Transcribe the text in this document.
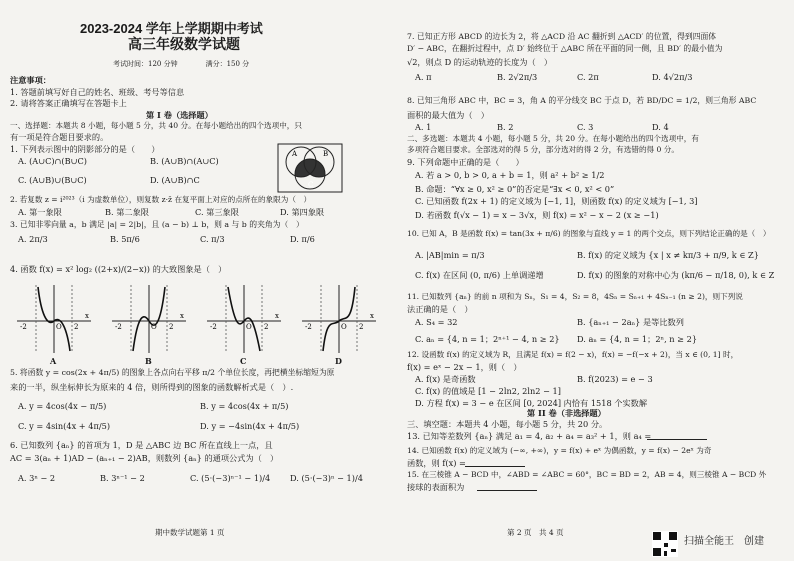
2023-2024 学年上学期期中考试
高三年级数学试题
考试时间：120 分钟　　　　满分：150 分
注意事项：
1. 答题前填写好自己的姓名、班级、考号等信息
2. 请将答案正确填写在答题卡上
第 I 卷（选择题）
一、选择题：本题共 8 小题，每小题 5 分，共 40 分。在每小题给出的四个选项中，只
有一项是符合题目要求的。
1. 下列表示图中的阴影部分的是（　　）
A. (A∪C)∩(B∪C)	B. (A∪B)∩(A∪C)
C. (A∪B)∪(B∪C)	D. (A∪B)∩C
A	B
C
2. 若复数 z = i²⁰²³（i 为虚数单位），则复数 z·z̄ 在复平面上对应的点所在的象限为（　）
A. 第一象限	B. 第二象限	C. 第三象限	D. 第四象限
3. 已知非零向量 a，b 满足 |a| = 2|b|，且 (a − b) ⊥ b，则 a 与 b 的夹角为（　）
A. 2π/3	B. 5π/6	C. π/3	D. π/6
4. 函数 f(x) = x² log₂ ((2+x)/(2−x)) 的大致图象是（　）
-2	O 2
x
A
-2	O 2
x
B
-2	O 2
x
C
-2	O 2
x
D
5. 将函数 y = cos(2x + 4π/5) 的图象上各点向右平移 π/2 个单位长度，再把横坐标缩短为原
来的一半，纵坐标伸长为原来的 4 倍，则所得到的图象的函数解析式是（　）.
A. y = 4cos(4x − π/5)	B. y = 4cos(4x + π/5)
C. y = 4sin(4x + 4π/5)	D. y = −4sin(4x + 4π/5)
6. 已知数列 {aₙ} 的首项为 1，D 是 △ABC 边 BC 所在直线上一点，且
AC = 3(aₙ + 1)AD − (aₙ₊₁ − 2)AB，则数列 {aₙ} 的通项公式为（　）
A. 3ⁿ − 2	B. 3ⁿ⁻¹ − 2	C. (5·(−3)ⁿ⁻¹ − 1)/4 D. (5·(−3)ⁿ − 1)/4
期中数学试题第 1 页
7. 已知正方形 ABCD 的边长为 2，将 △ACD 沿 AC 翻折到 △ACD′ 的位置，得到四面体
D′ − ABC，在翻折过程中，点 D′ 始终位于 △ABC 所在平面的同一侧，且 BD′ 的最小值为
√2，则点 D 的运动轨迹的长度为（　）
A. π	B. 2√2π/3	C. 2π	D. 4√2π/3
8. 已知三角形 ABC 中，BC = 3，角 A 的平分线交 BC 于点 D，若 BD/DC = 1/2，则三角形 ABC
面积的最大值为（　）
A. 1	B. 2	C. 3	D. 4
二、多选题：本题共 4 小题，每小题 5 分，共 20 分。在每小题给出的四个选项中，有
多项符合题目要求。全部选对的得 5 分，部分选对的得 2 分，有选错的得 0 分。
9. 下列命题中正确的是（　　）
A. 若 a > 0, b > 0, a + b = 1，则 a² + b² ≥ 1/2
B. 命题：“∀x ≥ 0, x² ≥ 0”的否定是“∃x < 0, x² < 0”
C. 已知函数 f(2x + 1) 的定义域为 [−1, 1]，则函数 f(x) 的定义域为 [−1, 3]
D. 若函数 f(√x − 1) = x − 3√x，则 f(x) = x² − x − 2 (x ≥ −1)
10. 已知 A，B 是函数 f(x) = tan(3x + π/6) 的图象与直线 y = 1 的两个交点，则下列结论正确的是（　）
A. |AB|min = π/3	B. f(x) 的定义域为 {x | x ≠ kπ/3 + π/9, k ∈ Z}
C. f(x) 在区间 (0, π/6) 上单调递增	D. f(x) 的图象的对称中心为 (kπ/6 − π/18, 0), k ∈ Z
11. 已知数列 {aₙ} 的前 n 项和为 Sₙ，S₁ = 4，S₂ = 8，4Sₙ = Sₙ₊₁ + 4Sₙ₋₁ (n ≥ 2)，则下列说
法正确的是（　）
A. S₄ = 32	B. {aₙ₊₁ − 2aₙ} 是等比数列
C. aₙ = {4, n = 1；2ⁿ⁺¹ − 4, n ≥ 2} D. aₙ = {4, n = 1；2ⁿ, n ≥ 2}
12. 设函数 f(x) 的定义域为 R，且满足 f(x) = f(2 − x)，f(x) = −f(−x + 2)，当 x ∈ (0, 1] 时，
f(x) = eˣ − 2x − 1，则（　）
A. f(x) 是奇函数	B. f(2023) = e − 3
C. f(x) 的值域是 [1 − 2ln2, 2ln2 − 1]
D. 方程 f(x) = 3 − e 在区间 [0, 2024] 内恰有 1518 个实数解
第 II 卷（非选择题）
三、填空题：本题共 4 小题，每小题 5 分，共 20 分。
13. 已知等差数列 {aₙ} 满足 a₁ = 4, a₂ + a₄ = a₃² + 1，则 a₄ =
14. 已知函数 f(x) 的定义域为 (−∞, +∞)，y = f(x) + eˣ 为偶函数，y = f(x) − 2eˣ 为奇
函数，则 f(x) =
15. 在三棱锥 A − BCD 中，∠ABD = ∠ABC = 60°，BC = BD = 2，AB = 4，则三棱锥 A − BCD 外
接球的表面积为
第 2 页　共 4 页
扫描全能王　创建
